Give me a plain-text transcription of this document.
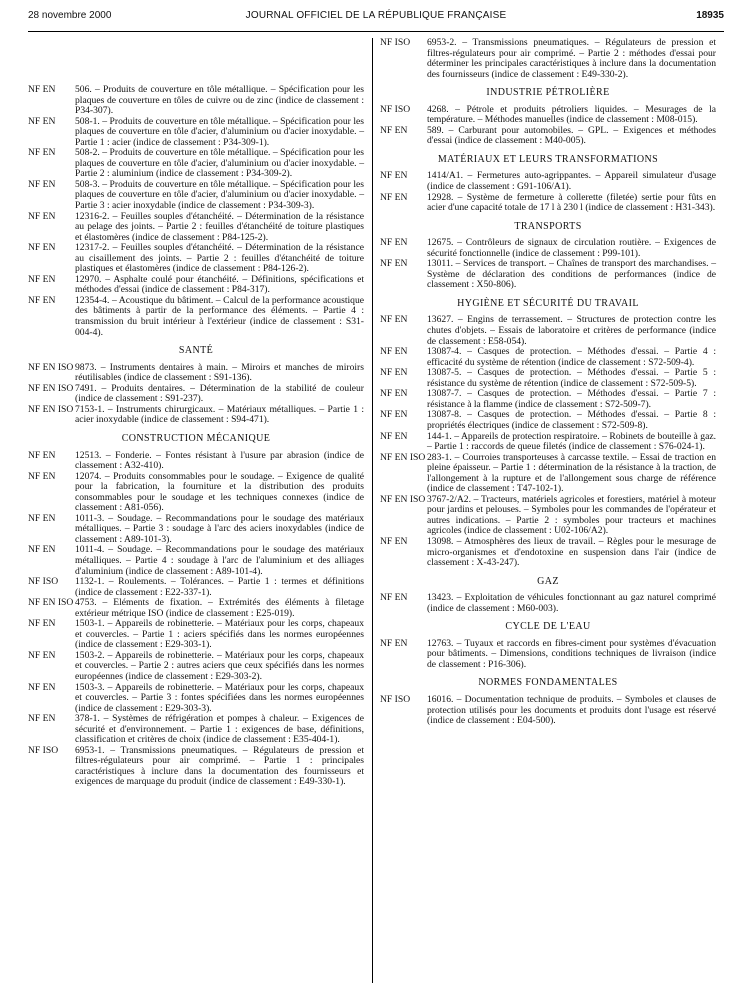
28 novembre 2000	JOURNAL OFFICIEL DE LA RÉPUBLIQUE FRANÇAISE	18935
NF EN	506. – Produits de couverture en tôle métallique. – Spécification pour les plaques de couverture en tôles de cuivre ou de zinc (indice de classement : P34-307).
NF EN	508-1. – Produits de couverture en tôle métallique. – Spécification pour les plaques de couverture en tôle d'acier, d'aluminium ou d'acier inoxydable. – Partie 1 : acier (indice de classement : P34-309-1).
NF EN	508-2. – Produits de couverture en tôle métallique. – Spécification pour les plaques de couverture en tôle d'acier, d'aluminium ou d'acier inoxydable. – Partie 2 : aluminium (indice de classement : P34-309-2).
NF EN	508-3. – Produits de couverture en tôle métallique. – Spécification pour les plaques de couverture en tôle d'acier, d'aluminium ou d'acier inoxydable. – Partie 3 : acier inoxydable (indice de classement : P34-309-3).
NF EN	12316-2. – Feuilles souples d'étanchéité. – Détermination de la résistance au pelage des joints. – Partie 2 : feuilles d'étanchéité de toiture plastiques et élastomères (indice de classement : P84-125-2).
NF EN	12317-2. – Feuilles souples d'étanchéité. – Détermination de la résistance au cisaillement des joints. – Partie 2 : feuilles d'étanchéité de toiture plastiques et élastomères (indice de classement : P84-126-2).
NF EN	12970. – Asphalte coulé pour étanchéité. – Définitions, spécifications et méthodes d'essai (indice de classement : P84-317).
NF EN	12354-4. – Acoustique du bâtiment. – Calcul de la performance acoustique des bâtiments à partir de la performance des éléments. – Partie 4 : transmission du bruit intérieur à l'extérieur (indice de classement : S31-004-4).
SANTÉ
NF EN ISO 9873. – Instruments dentaires à main. – Miroirs et manches de miroirs réutilisables (indice de classement : S91-136).
NF EN ISO 7491. – Produits dentaires. – Détermination de la stabilité de couleur (indice de classement : S91-237).
NF EN ISO 7153-1. – Instruments chirurgicaux. – Matériaux métalliques. – Partie 1 : acier inoxydable (indice de classement : S94-471).
CONSTRUCTION MÉCANIQUE
NF EN	12513. – Fonderie. – Fontes résistant à l'usure par abrasion (indice de classement : A32-410).
NF EN	12074. – Produits consommables pour le soudage. – Exigence de qualité pour la fabrication, la fourniture et la distribution des produits consommables pour le soudage et les techniques connexes (indice de classement : A81-056).
NF EN	1011-3. – Soudage. – Recommandations pour le soudage des matériaux métalliques. – Partie 3 : soudage à l'arc des aciers inoxydables (indice de classement : A89-101-3).
NF EN	1011-4. – Soudage. – Recommandations pour le soudage des matériaux métalliques. – Partie 4 : soudage à l'arc de l'aluminium et des alliages d'aluminium (indice de classement : A89-101-4).
NF ISO	1132-1. – Roulements. – Tolérances. – Partie 1 : termes et définitions (indice de classement : E22-337-1).
NF EN ISO 4753. – Eléments de fixation. – Extrémités des éléments à filetage extérieur métrique ISO (indice de classement : E25-019).
NF EN	1503-1. – Appareils de robinetterie. – Matériaux pour les corps, chapeaux et couvercles. – Partie 1 : aciers spécifiés dans les normes européennes (indice de classement : E29-303-1).
NF EN	1503-2. – Appareils de robinetterie. – Matériaux pour les corps, chapeaux et couvercles. – Partie 2 : autres aciers que ceux spécifiés dans les normes européennes (indice de classement : E29-303-2).
NF EN	1503-3. – Appareils de robinetterie. – Matériaux pour les corps, chapeaux et couvercles. – Partie 3 : fontes spécifiées dans les normes européennes (indice de classement : E29-303-3).
NF EN	378-1. – Systèmes de réfrigération et pompes à chaleur. – Exigences de sécurité et d'environnement. – Partie 1 : exigences de base, définitions, classification et critères de choix (indice de classement : E35-404-1).
NF ISO	6953-1. – Transmissions pneumatiques. – Régulateurs de pression et filtres-régulateurs pour air comprimé. – Partie 1 : principales caractéristiques à inclure dans la documentation des fournisseurs et exigences de marquage du produit (indice de classement : E49-330-1).
NF ISO	6953-2. – Transmissions pneumatiques. – Régulateurs de pression et filtres-régulateurs pour air comprimé. – Partie 2 : méthodes d'essai pour déterminer les principales caractéristiques à inclure dans la documentation des fournisseurs (indice de classement : E49-330-2).
INDUSTRIE PÉTROLIÈRE
NF ISO	4268. – Pétrole et produits pétroliers liquides. – Mesurages de la température. – Méthodes manuelles (indice de classement : M08-015).
NF EN	589. – Carburant pour automobiles. – GPL. – Exigences et méthodes d'essai (indice de classement : M40-005).
MATÉRIAUX ET LEURS TRANSFORMATIONS
NF EN	1414/A1. – Fermetures auto-agrippantes. – Appareil simulateur d'usage (indice de classement : G91-106/A1).
NF EN	12928. – Système de fermeture à collerette (filetée) sertie pour fûts en acier d'une capacité totale de 17 l à 230 l (indice de classement : H31-343).
TRANSPORTS
NF EN	12675. – Contrôleurs de signaux de circulation routière. – Exigences de sécurité fonctionnelle (indice de classement : P99-101).
NF EN	13011. – Services de transport. – Chaînes de transport des marchandises. – Système de déclaration des conditions de performances (indice de classement : X50-806).
HYGIÈNE ET SÉCURITÉ DU TRAVAIL
NF EN	13627. – Engins de terrassement. – Structures de protection contre les chutes d'objets. – Essais de laboratoire et critères de performance (indice de classement : E58-054).
NF EN	13087-4. – Casques de protection. – Méthodes d'essai. – Partie 4 : efficacité du système de rétention (indice de classement : S72-509-4).
NF EN	13087-5. – Casques de protection. – Méthodes d'essai. – Partie 5 : résistance du système de rétention (indice de classement : S72-509-5).
NF EN	13087-7. – Casques de protection. – Méthodes d'essai. – Partie 7 : résistance à la flamme (indice de classement : S72-509-7).
NF EN	13087-8. – Casques de protection. – Méthodes d'essai. – Partie 8 : propriétés électriques (indice de classement : S72-509-8).
NF EN	144-1. – Appareils de protection respiratoire. – Robinets de bouteille à gaz. – Partie 1 : raccords de queue filetés (indice de classement : S76-024-1).
NF EN ISO 283-1. – Courroies transporteuses à carcasse textile. – Essai de traction en pleine épaisseur. – Partie 1 : détermination de la résistance à la traction, de l'allongement à la rupture et de l'allongement sous charge de référence (indice de classement : T47-102-1).
NF EN ISO 3767-2/A2. – Tracteurs, matériels agricoles et forestiers, matériel à moteur pour jardins et pelouses. – Symboles pour les commandes de l'opérateur et autres indications. – Partie 2 : symboles pour tracteurs et machines agricoles (indice de classement : U02-106/A2).
NF EN	13098. – Atmosphères des lieux de travail. – Règles pour le mesurage de micro-organismes et d'endotoxine en suspension dans l'air (indice de classement : X-43-247).
GAZ
NF EN	13423. – Exploitation de véhicules fonctionnant au gaz naturel comprimé (indice de classement : M60-003).
CYCLE DE L'EAU
NF EN	12763. – Tuyaux et raccords en fibres-ciment pour systèmes d'évacuation pour bâtiments. – Dimensions, conditions techniques de livraison (indice de classement : P16-306).
NORMES FONDAMENTALES
NF ISO	16016. – Documentation technique de produits. – Symboles et clauses de protection utilisés pour les documents et produits dont l'usage est réservé (indice de classement : E04-500).
